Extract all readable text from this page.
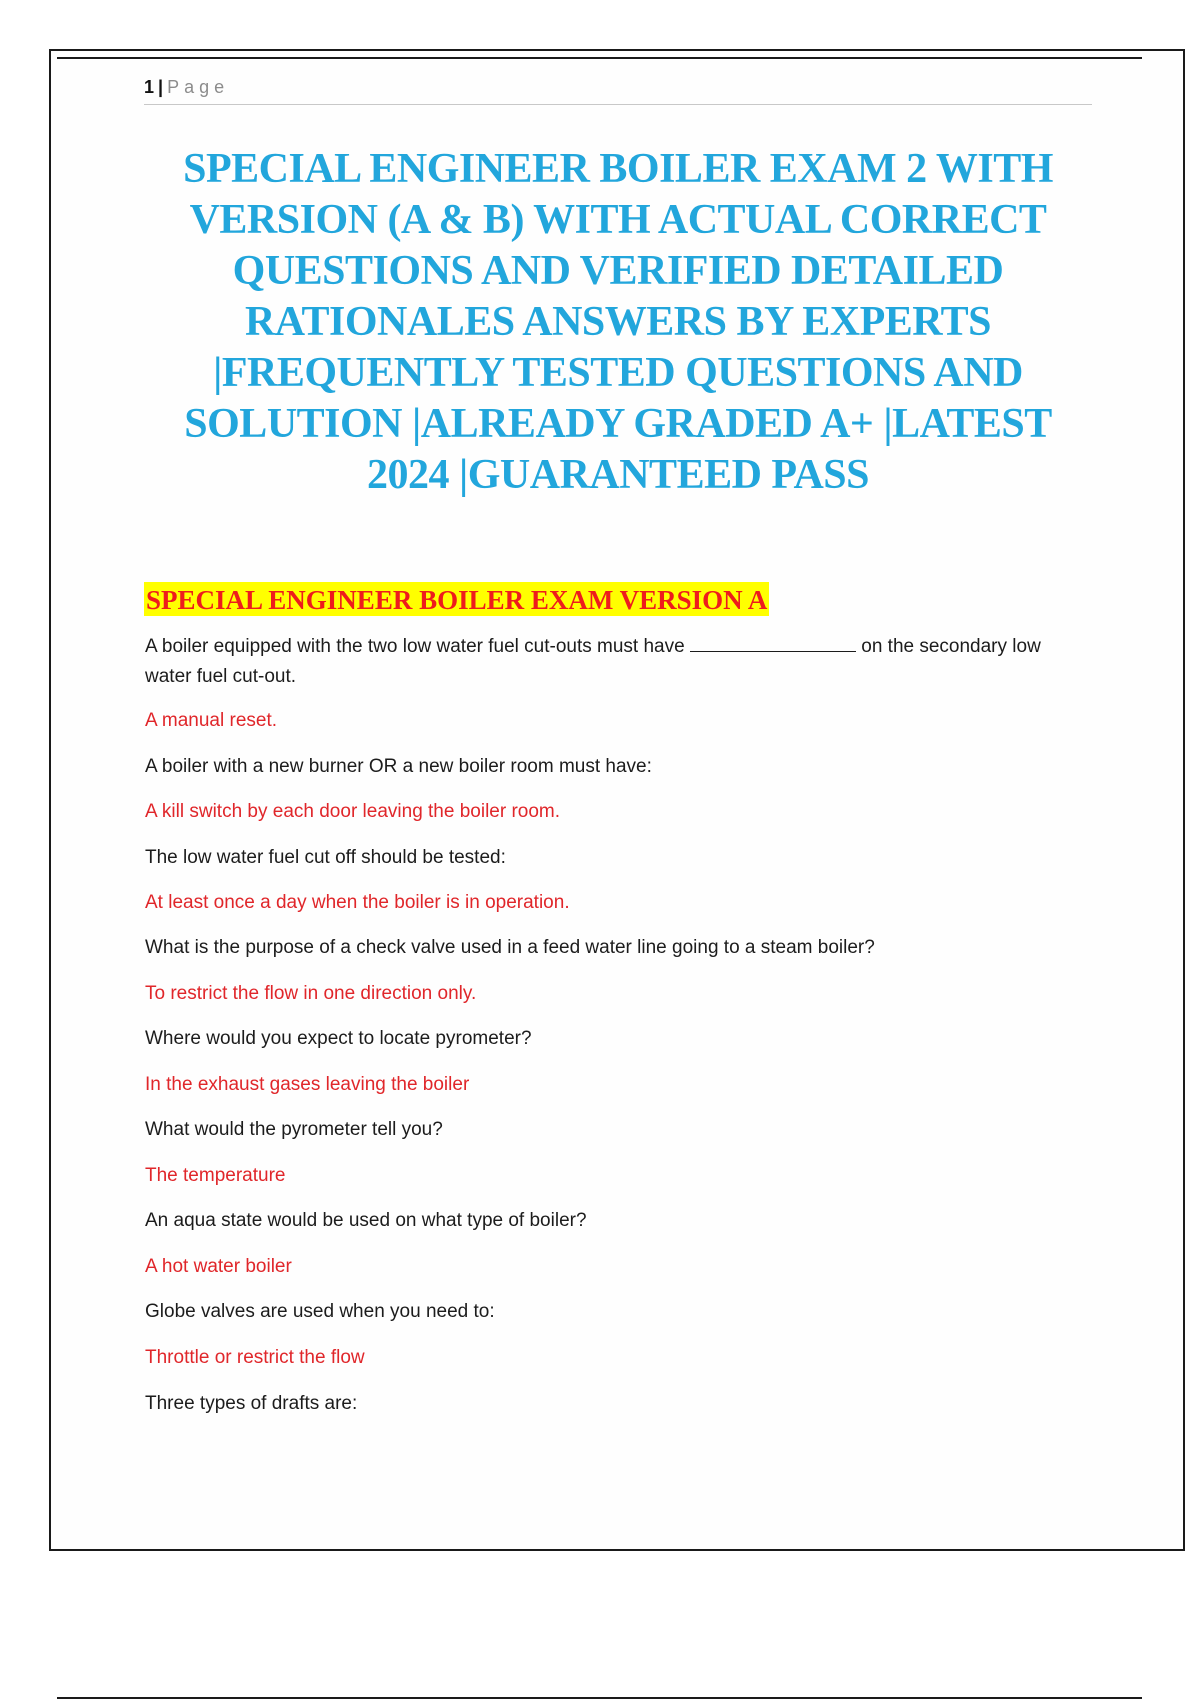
1 | Page
SPECIAL ENGINEER BOILER EXAM 2 WITH VERSION (A & B) WITH ACTUAL CORRECT QUESTIONS AND VERIFIED DETAILED RATIONALES ANSWERS BY EXPERTS |FREQUENTLY TESTED QUESTIONS AND SOLUTION |ALREADY GRADED A+ |LATEST 2024 |GUARANTEED PASS
SPECIAL ENGINEER BOILER EXAM VERSION A

A boiler equipped with the two low water fuel cut-outs must have	on the secondary low water fuel cut-out.

A manual reset.

A boiler with a new burner OR a new boiler room must have:

A kill switch by each door leaving the boiler room.

The low water fuel cut off should be tested:

At least once a day when the boiler is in operation.

What is the purpose of a check valve used in a feed water line going to a steam boiler?

To restrict the flow in one direction only.

Where would you expect to locate pyrometer?

In the exhaust gases leaving the boiler

What would the pyrometer tell you?

The temperature

An aqua state would be used on what type of boiler?

A hot water boiler

Globe valves are used when you need to:

Throttle or restrict the flow

Three types of drafts are:
